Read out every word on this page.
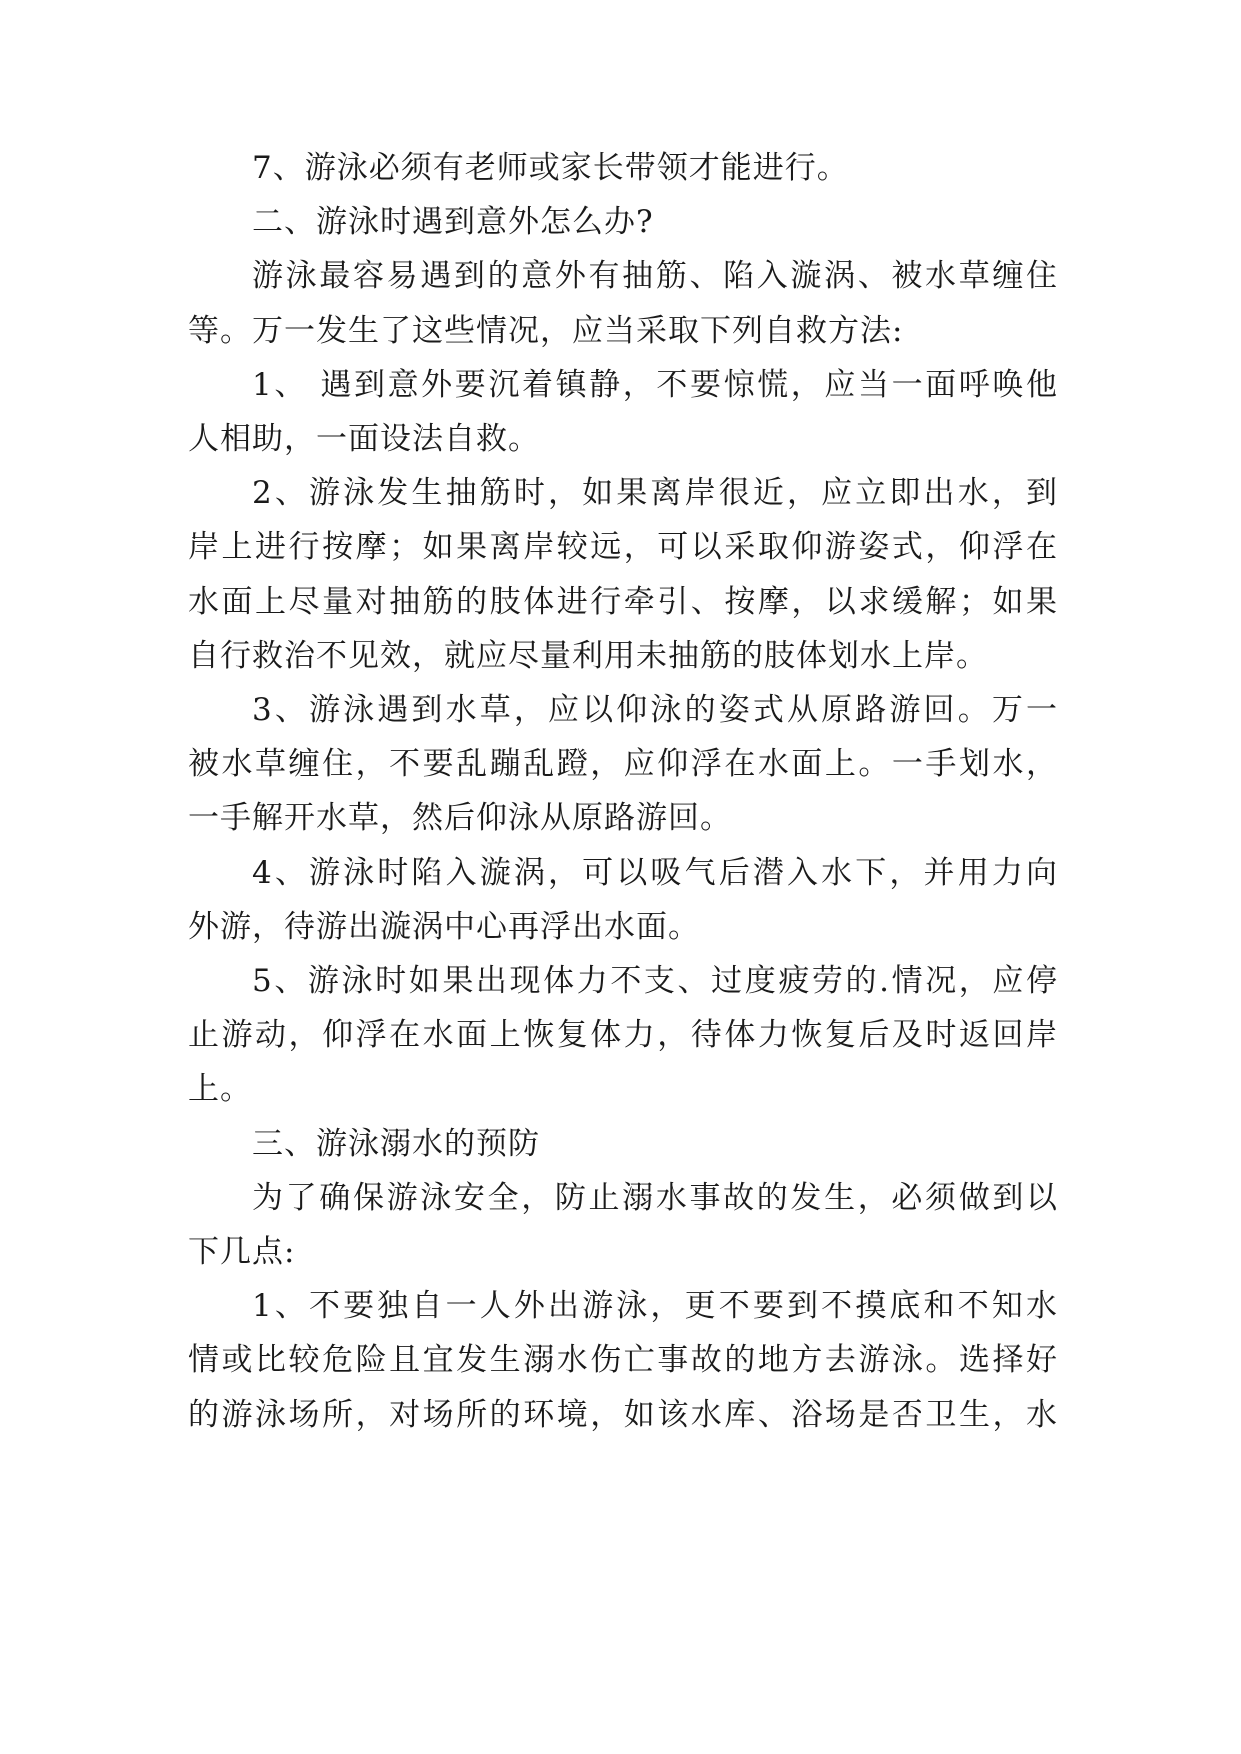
7、游泳必须有老师或家长带领才能进行。
二、游泳时遇到意外怎么办?
游泳最容易遇到的意外有抽筋、陷入漩涡、被水草缠住
等。万一发生了这些情况，应当采取下列自救方法:
1、 遇到意外要沉着镇静，不要惊慌，应当一面呼唤他
人相助，一面设法自救。
2、游泳发生抽筋时，如果离岸很近，应立即出水，到
岸上进行按摩；如果离岸较远，可以采取仰游姿式，仰浮在
水面上尽量对抽筋的肢体进行牵引、按摩，以求缓解；如果
自行救治不见效，就应尽量利用未抽筋的肢体划水上岸。
3、游泳遇到水草，应以仰泳的姿式从原路游回。万一
被水草缠住，不要乱蹦乱蹬，应仰浮在水面上。一手划水，
一手解开水草，然后仰泳从原路游回。
4、游泳时陷入漩涡，可以吸气后潜入水下，并用力向
外游，待游出漩涡中心再浮出水面。
5、游泳时如果出现体力不支、过度疲劳的.情况，应停
止游动，仰浮在水面上恢复体力，待体力恢复后及时返回岸
上。
三、游泳溺水的预防
为了确保游泳安全，防止溺水事故的发生，必须做到以
下几点:
1、不要独自一人外出游泳，更不要到不摸底和不知水
情或比较危险且宜发生溺水伤亡事故的地方去游泳。选择好
的游泳场所，对场所的环境，如该水库、浴场是否卫生，水
